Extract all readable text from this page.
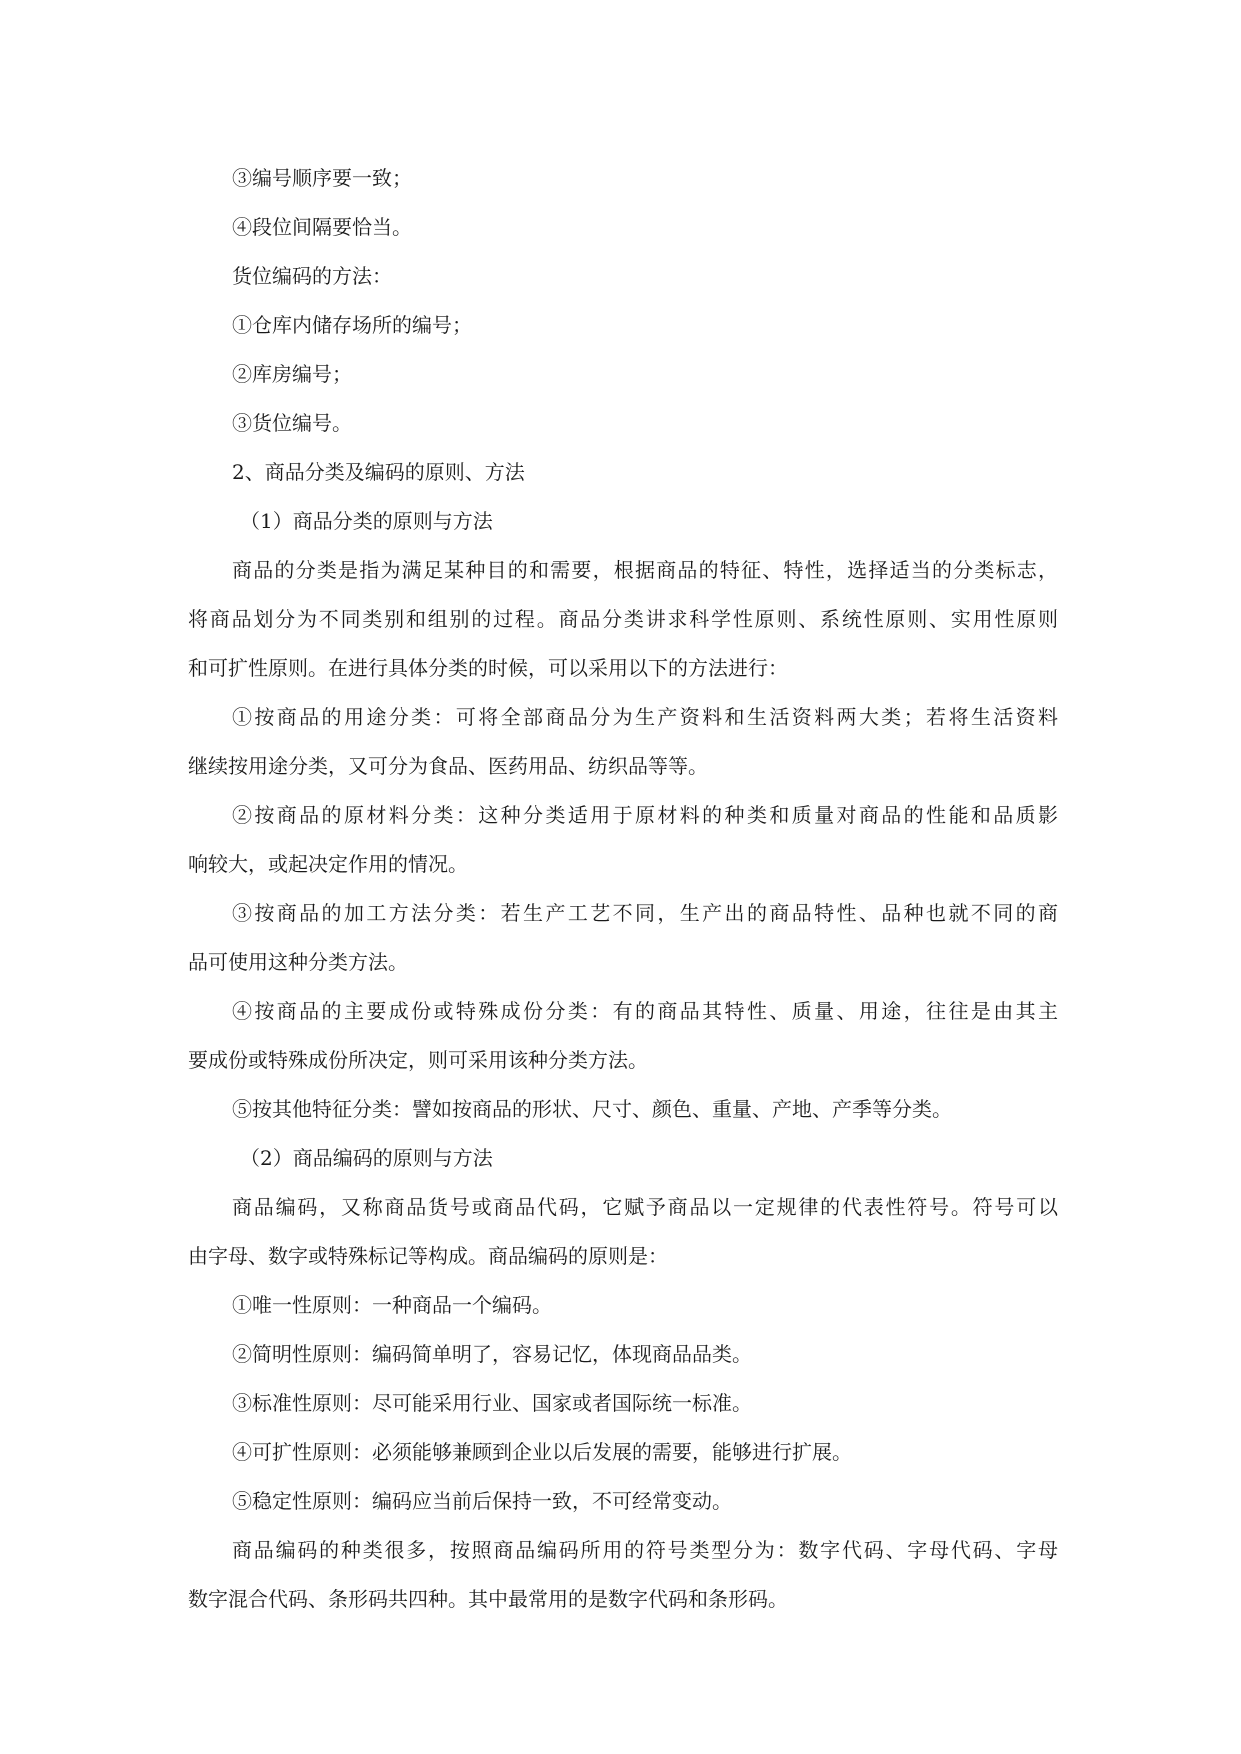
③编号顺序要一致；
④段位间隔要恰当。
货位编码的方法：
①仓库内储存场所的编号；
②库房编号；
③货位编号。
2、商品分类及编码的原则、方法
（1）商品分类的原则与方法
商品的分类是指为满足某种目的和需要，根据商品的特征、特性，选择适当的分类标志，
将商品划分为不同类别和组别的过程。商品分类讲求科学性原则、系统性原则、实用性原则
和可扩性原则。在进行具体分类的时候，可以采用以下的方法进行：
①按商品的用途分类：可将全部商品分为生产资料和生活资料两大类；若将生活资料
继续按用途分类，又可分为食品、医药用品、纺织品等等。
②按商品的原材料分类：这种分类适用于原材料的种类和质量对商品的性能和品质影
响较大，或起决定作用的情况。
③按商品的加工方法分类：若生产工艺不同，生产出的商品特性、品种也就不同的商
品可使用这种分类方法。
④按商品的主要成份或特殊成份分类：有的商品其特性、质量、用途，往往是由其主
要成份或特殊成份所决定，则可采用该种分类方法。
⑤按其他特征分类：譬如按商品的形状、尺寸、颜色、重量、产地、产季等分类。
（2）商品编码的原则与方法
商品编码，又称商品货号或商品代码，它赋予商品以一定规律的代表性符号。符号可以
由字母、数字或特殊标记等构成。商品编码的原则是：
①唯一性原则：一种商品一个编码。
②简明性原则：编码简单明了，容易记忆，体现商品品类。
③标准性原则：尽可能采用行业、国家或者国际统一标准。
④可扩性原则：必须能够兼顾到企业以后发展的需要，能够进行扩展。
⑤稳定性原则：编码应当前后保持一致，不可经常变动。
商品编码的种类很多，按照商品编码所用的符号类型分为：数字代码、字母代码、字母
数字混合代码、条形码共四种。其中最常用的是数字代码和条形码。
